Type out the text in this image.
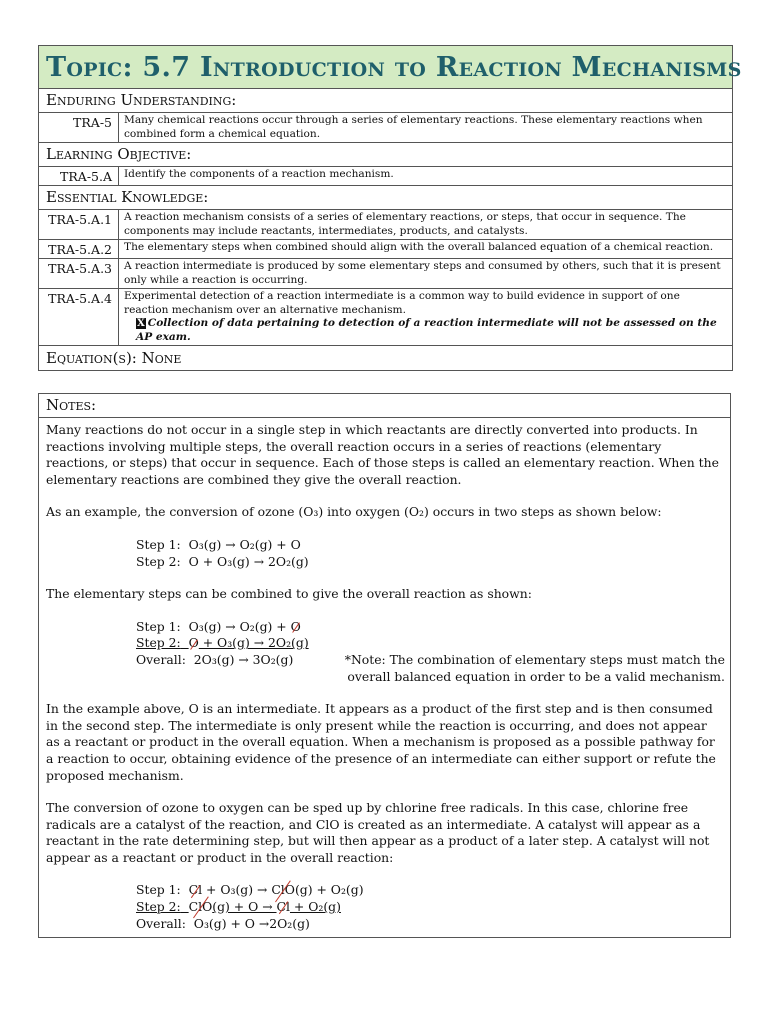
Topic: 5.7 Introduction to Reaction Mechanisms
Enduring Understanding:
TRA-5	Many chemical reactions occur through a series of elementary reactions. These elementary reactions when combined form a chemical equation.
Learning Objective:
TRA-5.A	Identify the components of a reaction mechanism.
Essential Knowledge:
TRA-5.A.1	A reaction mechanism consists of a series of elementary reactions, or steps, that occur in sequence. The components may include reactants, intermediates, products, and catalysts.
TRA-5.A.2	The elementary steps when combined should align with the overall balanced equation of a chemical reaction.
TRA-5.A.3	A reaction intermediate is produced by some elementary steps and consumed by others, such that it is present only while a reaction is occurring.
TRA-5.A.4	Experimental detection of a reaction intermediate is a common way to build evidence in support of one reaction mechanism over an alternative mechanism.
X Collection of data pertaining to detection of a reaction intermediate will not be assessed on the AP exam.
Equation(s): None
Notes:

Many reactions do not occur in a single step in which reactants are directly converted into products. In reactions involving multiple steps, the overall reaction occurs in a series of reactions (elementary reactions, or steps) that occur in sequence. Each of those steps is called an elementary reaction. When the elementary reactions are combined they give the overall reaction.

As an example, the conversion of ozone (O₃) into oxygen (O₂) occurs in two steps as shown below:

Step 1: O₃(g) → O₂(g) + O
Step 2: O + O₃(g) → 2O₂(g)

The elementary steps can be combined to give the overall reaction as shown:

Step 1: O₃(g) → O₂(g) + O
Step 2: O + O₃(g) → 2O₂(g)
Overall: 2O₃(g) → 3O₂(g)	*Note: The combination of elementary steps must match the
overall balanced equation in order to be a valid mechanism.

In the example above, O is an intermediate. It appears as a product of the first step and is then consumed in the second step. The intermediate is only present while the reaction is occurring, and does not appear as a reactant or product in the overall equation. When a mechanism is proposed as a possible pathway for a reaction to occur, obtaining evidence of the presence of an intermediate can either support or refute the proposed mechanism.

The conversion of ozone to oxygen can be sped up by chlorine free radicals. In this case, chlorine free radicals are a catalyst of the reaction, and ClO is created as an intermediate. A catalyst will appear as a reactant in the rate determining step, but will then appear as a product of a later step. A catalyst will not appear as a reactant or product in the overall reaction:

Step 1: Cl + O₃(g) → ClO(g) + O₂(g)
Step 2: ClO(g) + O → Cl + O₂(g)
Overall: O₃(g) + O →2O₂(g)
